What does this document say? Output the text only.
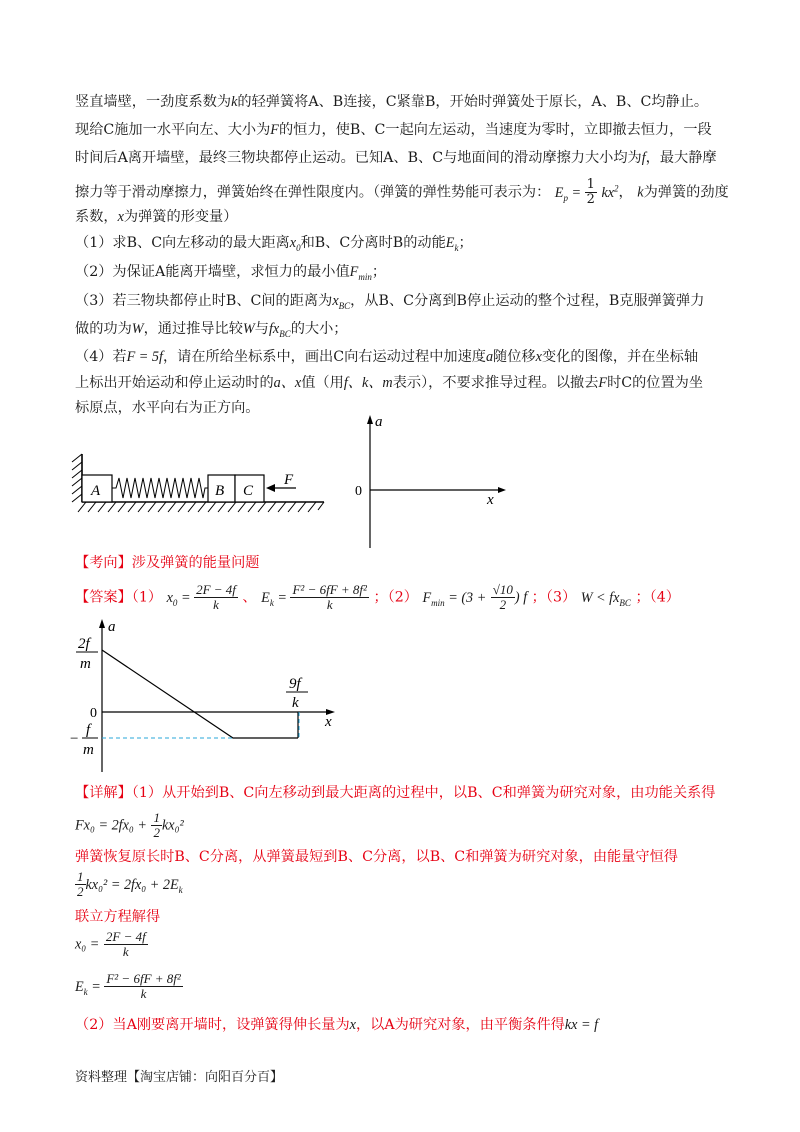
竖直墙壁，一劲度系数为k的轻弹簧将A、B连接，C紧靠B，开始时弹簧处于原长，A、B、C均静止。
现给C施加一水平向左、大小为F的恒力，使B、C一起向左运动，当速度为零时，立即撤去恒力，一段
时间后A离开墙壁，最终三物块都停止运动。已知A、B、C与地面间的滑动摩擦力大小均为f，最大静摩
擦力等于滑动摩擦力，弹簧始终在弹性限度内。（弹簧的弹性势能可表示为： $E_p = \frac{1}{2} kx^2$， k为弹簧的劲度
系数，x为弹簧的形变量）
（1）求B、C向左移动的最大距离$x_0$和B、C分离时B的动能$E_k$；
（2）为保证A能离开墙壁，求恒力的最小值$F_{min}$；
（3）若三物块都停止时B、C间的距离为$x_{BC}$，从B、C分离到B停止运动的整个过程，B克服弹簧弹力
做的功为W，通过推导比较W与$fx_{BC}$的大小；
（4）若F = 5f，请在所给坐标系中，画出C向右运动过程中加速度a随位移x变化的图像，并在坐标轴
上标出开始运动和停止运动时的a、x值（用f、k、m表示），不要求推导过程。以撤去F时C的位置为坐
标原点，水平向右为正方向。
A	B C
F
a
x
0
【考向】涉及弹簧的能量问题
【答案】（1） $x_0 = \frac{2F - 4f}{k}$ 、 $E_k = \frac{\text{F² − 6fF + 8f²}}{k}$ ；（2） $F_{min} = (3 + \frac{√10}{2}$ ) f ；（3） $W < fx_{BC}$ ；（4）
a
x
0
2f
m
−
f
m
9f
k
【详解】（1）从开始到B、C向左移动到最大距离的过程中，以B、C和弹簧为研究对象，由功能关系得
$Fx_0 = 2fx_0 + \frac{1}{2} kx_0^2$
弹簧恢复原长时B、C分离，从弹簧最短到B、C分离，以B、C和弹簧为研究对象，由能量守恒得
$\frac{1}{2} kx_0^2 = 2fx_0 + 2E_k$
联立方程解得
$x_0 = \frac{2F - 4f}{k}$
$E_k = \frac{\text{F² − 6fF + 8f²}}{k}$
（2）当A刚要离开墙时，设弹簧得伸长量为x，以A为研究对象，由平衡条件得kx = f
资料整理【淘宝店铺：向阳百分百】
